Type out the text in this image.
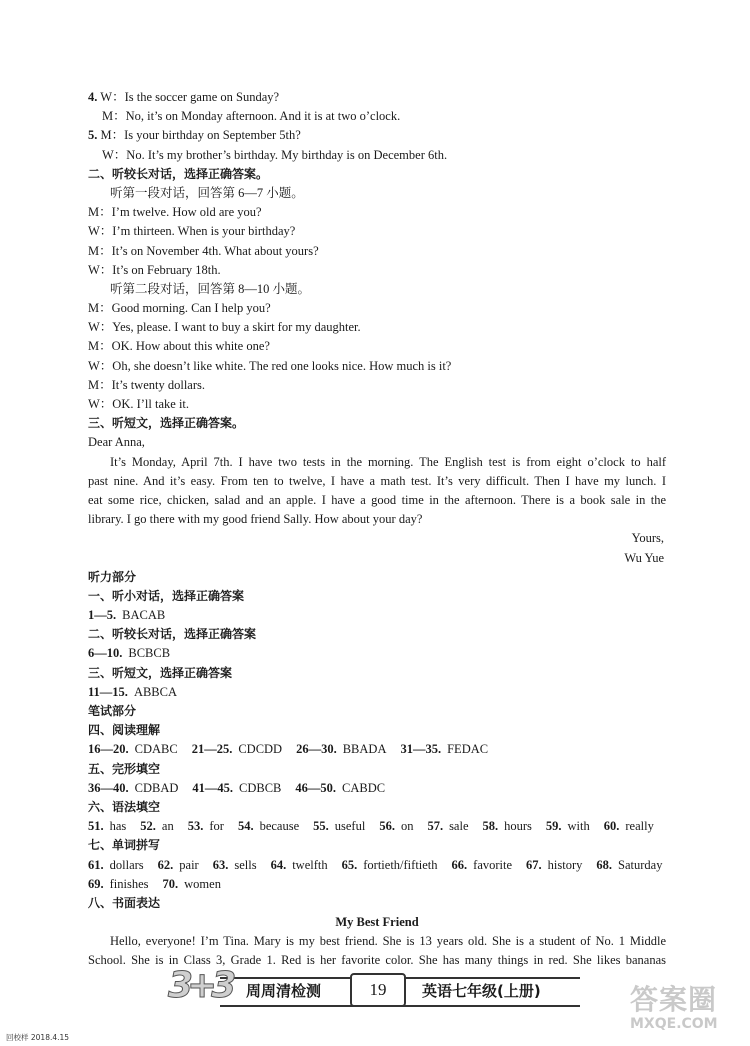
4. W：Is the soccer game on Sunday?
M：No, it’s on Monday afternoon. And it is at two o’clock.
5. M：Is your birthday on September 5th?
W：No. It’s my brother’s birthday. My birthday is on December 6th.
二、听较长对话，选择正确答案。
听第一段对话，回答第 6—7 小题。
M：I’m twelve. How old are you?
W：I’m thirteen. When is your birthday?
M：It’s on November 4th. What about yours?
W：It’s on February 18th.
听第二段对话，回答第 8—10 小题。
M：Good morning. Can I help you?
W：Yes, please. I want to buy a skirt for my daughter.
M：OK. How about this white one?
W：Oh, she doesn’t like white. The red one looks nice. How much is it?
M：It’s twenty dollars.
W：OK. I’ll take it.
三、听短文，选择正确答案。
Dear Anna,
It’s Monday, April 7th. I have two tests in the morning. The English test is from eight o’clock to half
past nine. And it’s easy. From ten to twelve, I have a math test. It’s very difficult. Then I have my lunch. I
eat some rice, chicken, salad and an apple. I have a good time in the afternoon. There is a book sale in the
library. I go there with my good friend Sally. How about your day?
Yours,
Wu Yue
听力部分
一、听小对话，选择正确答案
1—5. BACAB
二、听较长对话，选择正确答案
6—10. BCBCB
三、听短文，选择正确答案
11—15. ABBCA
笔试部分
四、阅读理解
16—20. CDABC 21—25. CDCDD 26—30. BBADA 31—35. FEDAC
五、完形填空
36—40. CDBAD 41—45. CDBCB 46—50. CABDC
六、语法填空
51. has 52. an 53. for 54. because 55. useful 56. on 57. sale 58. hours 59. with 60. really
七、单词拼写
61. dollars 62. pair 63. sells 64. twelfth 65. fortieth/fiftieth 66. favorite 67. history 68. Saturday
69. finishes 70. women
八、书面表达
My Best Friend
Hello, everyone! I’m Tina. Mary is my best friend. She is 13 years old. She is a student of No. 1 Middle
School. She is in Class 3, Grade 1. Red is her favorite color. She has many things in red. She likes bananas
3+3	周周清检测	19	英语七年级(上册)
回校样 2018.4.15
答案圈
MXQE.COM
